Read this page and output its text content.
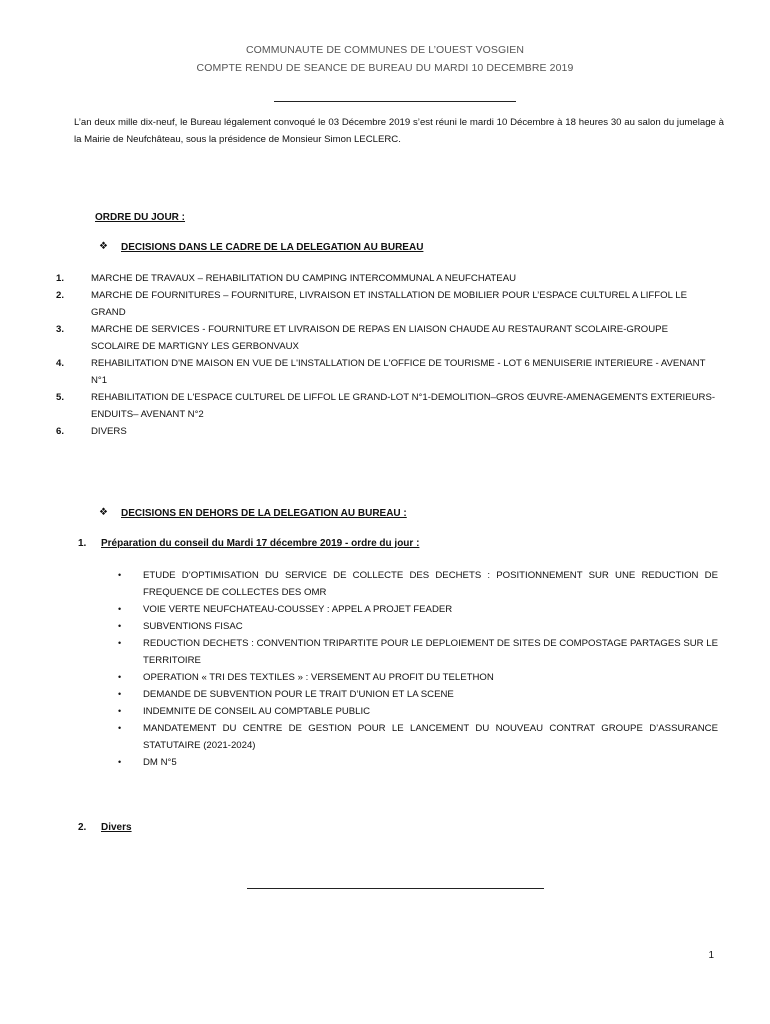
COMMUNAUTE DE COMMUNES DE L’OUEST VOSGIEN
COMPTE RENDU DE SEANCE DE BUREAU DU MARDI 10 DECEMBRE 2019
L’an deux mille dix-neuf, le Bureau légalement convoqué le 03 Décembre 2019 s’est réuni le mardi 10 Décembre à 18 heures 30 au salon du jumelage à la Mairie de Neufchâteau, sous la présidence de Monsieur Simon LECLERC.
ORDRE DU JOUR :
❖ DECISIONS DANS LE CADRE DE LA DELEGATION AU BUREAU
1.	MARCHE DE TRAVAUX – REHABILITATION DU CAMPING INTERCOMMUNAL A NEUFCHATEAU
2.	MARCHE DE FOURNITURES – FOURNITURE, LIVRAISON ET INSTALLATION DE MOBILIER POUR L’ESPACE CULTUREL A LIFFOL LE GRAND
3.	MARCHE DE SERVICES - FOURNITURE ET LIVRAISON DE REPAS EN LIAISON CHAUDE AU RESTAURANT SCOLAIRE-GROUPE SCOLAIRE DE MARTIGNY LES GERBONVAUX
4.	REHABILITATION D'NE MAISON EN VUE DE L'INSTALLATION DE L'OFFICE DE TOURISME - LOT 6 MENUISERIE INTERIEURE - AVENANT N°1
5.	REHABILITATION DE L'ESPACE CULTUREL DE LIFFOL LE GRAND-LOT N°1-DEMOLITION–GROS ŒUVRE-AMENAGEMENTS EXTERIEURS-ENDUITS– AVENANT N°2
6.	DIVERS
❖ DECISIONS EN DEHORS DE LA DELEGATION AU BUREAU :
1. Préparation du conseil du Mardi 17 décembre 2019 - ordre du jour :
• ETUDE D’OPTIMISATION DU SERVICE DE COLLECTE DES DECHETS : POSITIONNEMENT SUR UNE REDUCTION DE FREQUENCE DE COLLECTES DES OMR
• VOIE VERTE NEUFCHATEAU-COUSSEY : APPEL A PROJET FEADER
• SUBVENTIONS FISAC
• REDUCTION DECHETS : CONVENTION TRIPARTITE POUR LE DEPLOIEMENT DE SITES DE COMPOSTAGE PARTAGES SUR LE TERRITOIRE
• OPERATION « TRI DES TEXTILES » : VERSEMENT AU PROFIT DU TELETHON
• DEMANDE DE SUBVENTION POUR LE TRAIT D’UNION ET LA SCENE
• INDEMNITE DE CONSEIL AU COMPTABLE PUBLIC
• MANDATEMENT DU CENTRE DE GESTION POUR LE LANCEMENT DU NOUVEAU CONTRAT GROUPE D’ASSURANCE STATUTAIRE (2021-2024)
• DM N°5
2. Divers
1
